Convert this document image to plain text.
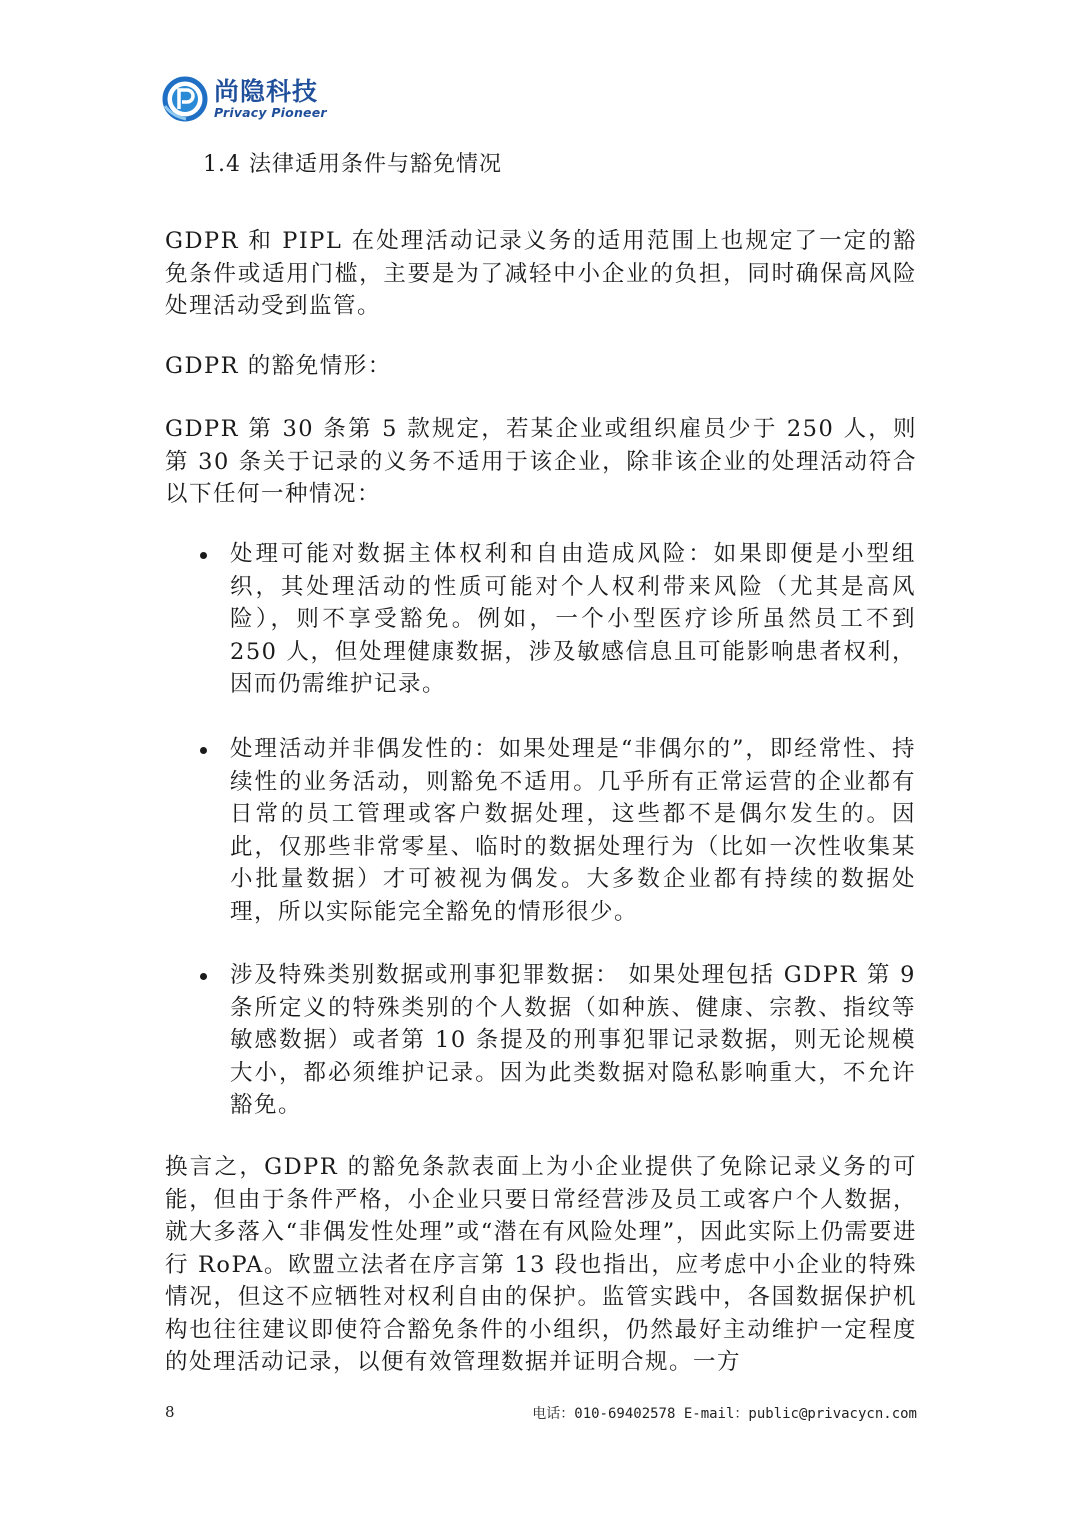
尚隐科技
Privacy Pioneer
1.4 法律适用条件与豁免情况

GDPR 和 PIPL 在处理活动记录义务的适用范围上也规定了一定的豁免条件或适用门槛，主要是为了减轻中小企业的负担，同时确保高风险处理活动受到监管。

GDPR 的豁免情形：

GDPR 第 30 条第 5 款规定，若某企业或组织雇员少于 250 人，则第 30 条关于记录的义务不适用于该企业，除非该企业的处理活动符合以下任何一种情况：

处理可能对数据主体权利和自由造成风险：如果即便是小型组织，其处理活动的性质可能对个人权利带来风险（尤其是高风险），则不享受豁免。例如，一个小型医疗诊所虽然员工不到 250 人，但处理健康数据，涉及敏感信息且可能影响患者权利，因而仍需维护记录。

处理活动并非偶发性的：如果处理是“非偶尔的”，即经常性、持续性的业务活动，则豁免不适用。几乎所有正常运营的企业都有日常的员工管理或客户数据处理，这些都不是偶尔发生的。因此，仅那些非常零星、临时的数据处理行为（比如一次性收集某小批量数据）才可被视为偶发。大多数企业都有持续的数据处理，所以实际能完全豁免的情形很少。

涉及特殊类别数据或刑事犯罪数据： 如果处理包括 GDPR 第 9 条所定义的特殊类别的个人数据（如种族、健康、宗教、指纹等敏感数据）或者第 10 条提及的刑事犯罪记录数据，则无论规模大小，都必须维护记录。因为此类数据对隐私影响重大，不允许豁免。

换言之，GDPR 的豁免条款表面上为小企业提供了免除记录义务的可能，但由于条件严格，小企业只要日常经营涉及员工或客户个人数据，就大多落入“非偶发性处理”或“潜在有风险处理”，因此实际上仍需要进行 RoPA。欧盟立法者在序言第 13 段也指出，应考虑中小企业的特殊情况，但这不应牺牲对权利自由的保护。监管实践中，各国数据保护机构也往往建议即使符合豁免条件的小组织，仍然最好主动维护一定程度的处理活动记录，以便有效管理数据并证明合规。一方

8	电话：010-69402578 E-mail：public@privacycn.com
